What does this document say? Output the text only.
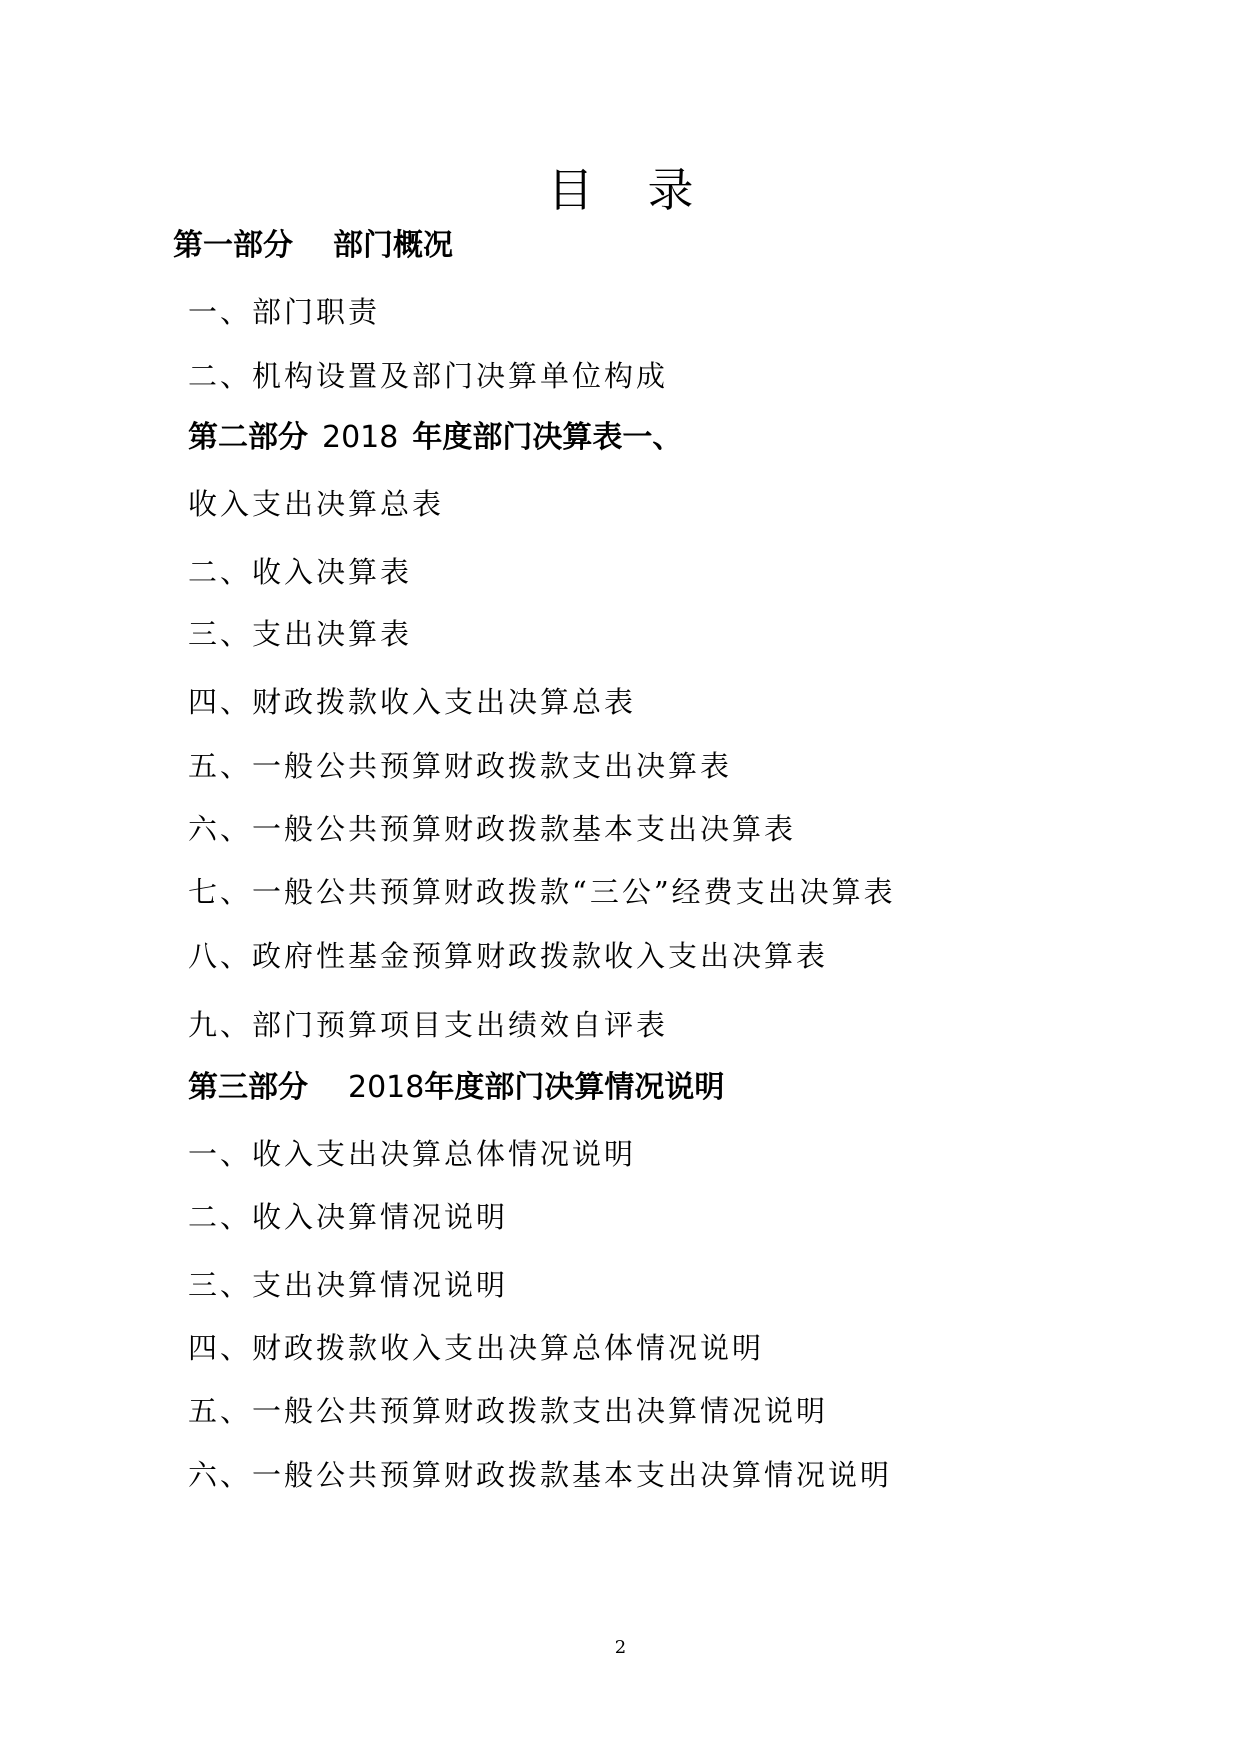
目 录
第一部分 部门概况
一、部门职责
二、机构设置及部门决算单位构成
第二部分 2018 年度部门决算表一、
收入支出决算总表
二、收入决算表
三、支出决算表
四、财政拨款收入支出决算总表
五、一般公共预算财政拨款支出决算表
六、一般公共预算财政拨款基本支出决算表
七、一般公共预算财政拨款“三公”经费支出决算表
八、政府性基金预算财政拨款收入支出决算表
九、部门预算项目支出绩效自评表
第三部分 2018年度部门决算情况说明
一、收入支出决算总体情况说明
二、收入决算情况说明
三、支出决算情况说明
四、财政拨款收入支出决算总体情况说明
五、一般公共预算财政拨款支出决算情况说明
六、一般公共预算财政拨款基本支出决算情况说明
2
